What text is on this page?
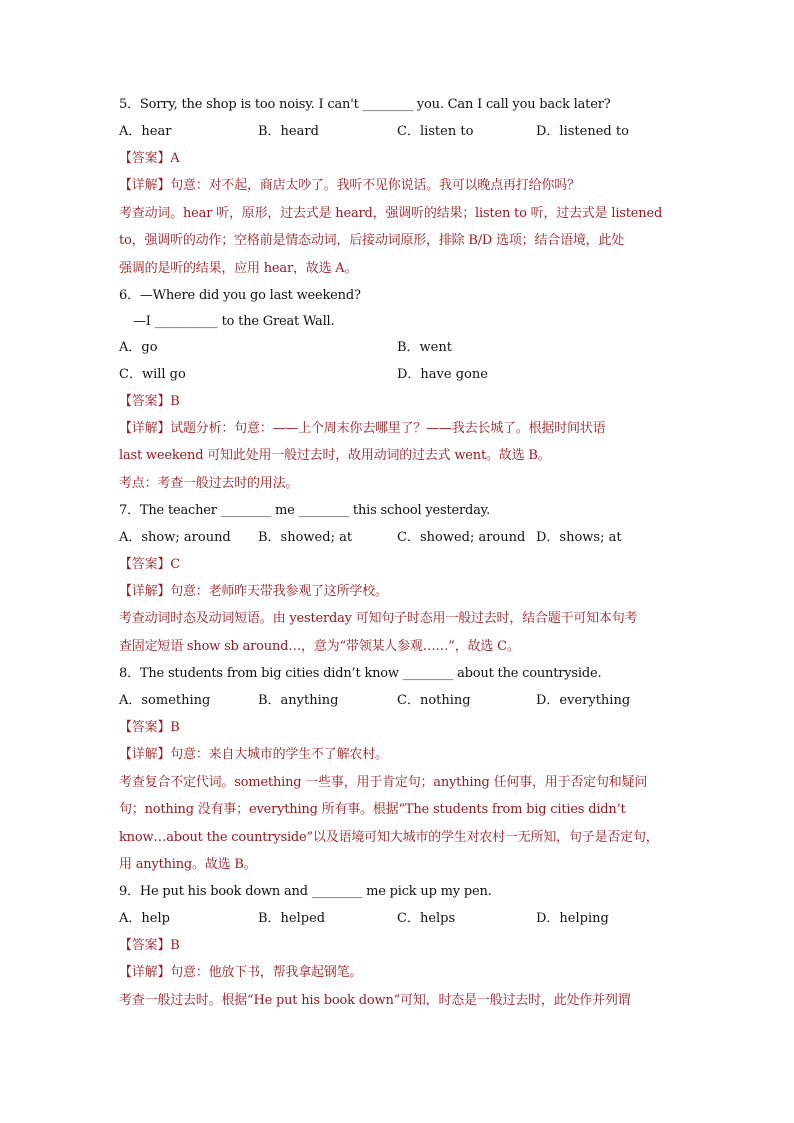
5．Sorry, the shop is too noisy. I can't ________ you. Can I call you back later?
A．hear	B．heard	C．listen to	D．listened to
【答案】A
【详解】句意：对不起，商店太吵了。我听不见你说话。我可以晚点再打给你吗？
考查动词。hear 听，原形，过去式是 heard，强调听的结果；listen to 听，过去式是 listened
to，强调听的动作；空格前是情态动词，后接动词原形，排除 B/D 选项；结合语境，此处
强调的是听的结果，应用 hear，故选 A。
6．—Where did you go last weekend?
—I __________ to the Great Wall.
A．go	B．went
C．will go	D．have gone
【答案】B
【详解】试题分析：句意：——上个周末你去哪里了？——我去长城了。根据时间状语
last weekend 可知此处用一般过去时，故用动词的过去式 went。故选 B。
考点：考查一般过去时的用法。
7．The teacher ________ me ________ this school yesterday.
A．show; around B．showed; at	C．showed; around D．shows; at
【答案】C
【详解】句意：老师昨天带我参观了这所学校。
考查动词时态及动词短语。由 yesterday 可知句子时态用一般过去时，结合题干可知本句考
查固定短语 show sb around…，意为“带领某人参观……”，故选 C。
8．The students from big cities didn’t know ________ about the countryside.
A．something	B．anything	C．nothing	D．everything
【答案】B
【详解】句意：来自大城市的学生不了解农村。
考查复合不定代词。something 一些事，用于肯定句；anything 任何事，用于否定句和疑问
句；nothing 没有事；everything 所有事。根据“The students from big cities didn’t
know…about the countryside”以及语境可知大城市的学生对农村一无所知，句子是否定句，
用 anything。故选 B。
9．He put his book down and ________ me pick up my pen.
A．help	B．helped	C．helps	D．helping
【答案】B
【详解】句意：他放下书，帮我拿起钢笔。
考查一般过去时。根据“He put his book down”可知，时态是一般过去时，此处作并列谓
